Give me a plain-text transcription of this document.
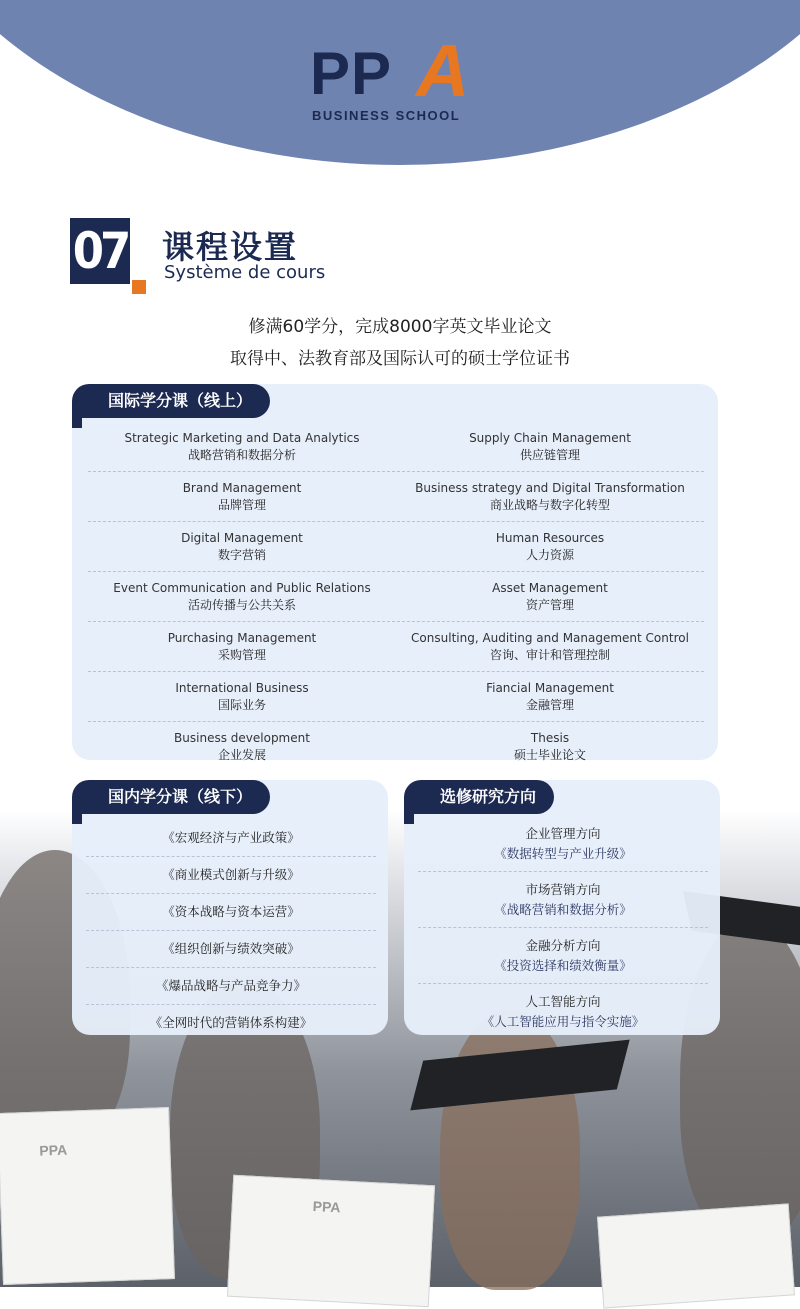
PP A
BUSINESS SCHOOL
07 课程设置
Système de cours
修满60学分，完成8000字英文毕业论文
取得中、法教育部及国际认可的硕士学位证书
PPA
PPA
国际学分课（线上）
Strategic Marketing and Data Analytics
战略营销和数据分析
Supply Chain Management
供应链管理
Brand Management
品牌管理
Business strategy and Digital Transformation
商业战略与数字化转型
Digital Management
数字营销
Human Resources
人力资源
Event Communication and Public Relations
活动传播与公共关系
Asset Management
资产管理
Purchasing Management
采购管理
Consulting, Auditing and Management Control
咨询、审计和管理控制
International Business
国际业务
Fiancial Management
金融管理
Business development
企业发展
Thesis
硕士毕业论文
国内学分课（线下）
《宏观经济与产业政策》
《商业模式创新与升级》
《资本战略与资本运营》
《组织创新与绩效突破》
《爆品战略与产品竞争力》
《全网时代的营销体系构建》
选修研究方向
企业管理方向
《数据转型与产业升级》
市场营销方向
《战略营销和数据分析》
金融分析方向
《投资选择和绩效衡量》
人工智能方向
《人工智能应用与指令实施》
